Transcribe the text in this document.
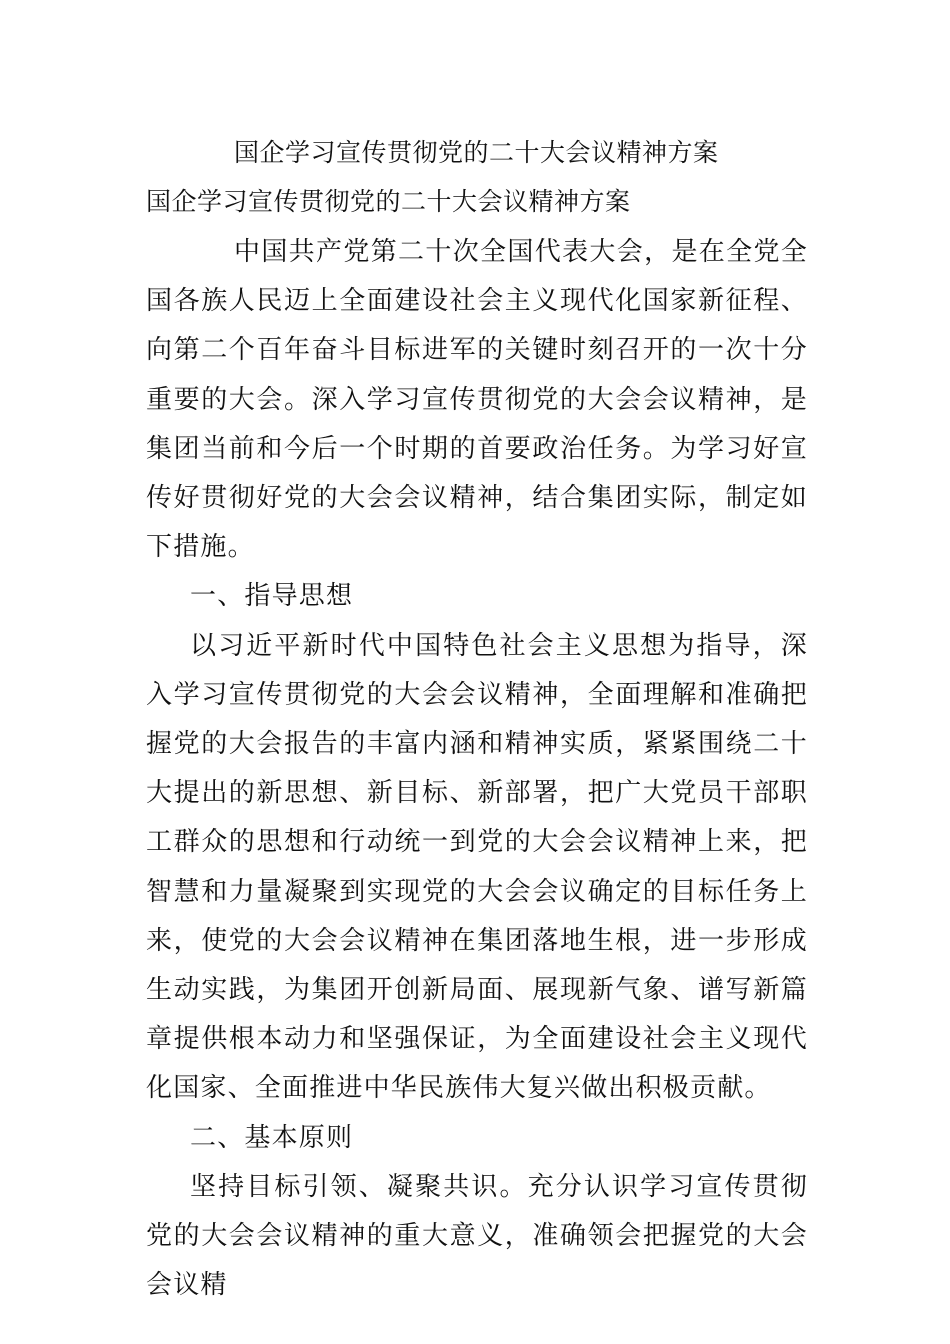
国企学习宣传贯彻党的二十大会议精神方案
国企学习宣传贯彻党的二十大会议精神方案

中国共产党第二十次全国代表大会，是在全党全国各族人民迈上全面建设社会主义现代化国家新征程、向第二个百年奋斗目标进军的关键时刻召开的一次十分重要的大会。深入学习宣传贯彻党的大会会议精神，是集团当前和今后一个时期的首要政治任务。为学习好宣传好贯彻好党的大会会议精神，结合集团实际，制定如下措施。

一、指导思想

以习近平新时代中国特色社会主义思想为指导，深入学习宣传贯彻党的大会会议精神，全面理解和准确把握党的大会报告的丰富内涵和精神实质，紧紧围绕二十大提出的新思想、新目标、新部署，把广大党员干部职工群众的思想和行动统一到党的大会会议精神上来，把智慧和力量凝聚到实现党的大会会议确定的目标任务上来，使党的大会会议精神在集团落地生根，进一步形成生动实践，为集团开创新局面、展现新气象、谱写新篇章提供根本动力和坚强保证，为全面建设社会主义现代化国家、全面推进中华民族伟大复兴做出积极贡献。

二、基本原则

坚持目标引领、凝聚共识。充分认识学习宣传贯彻党的大会会议精神的重大意义，准确领会把握党的大会会议精
